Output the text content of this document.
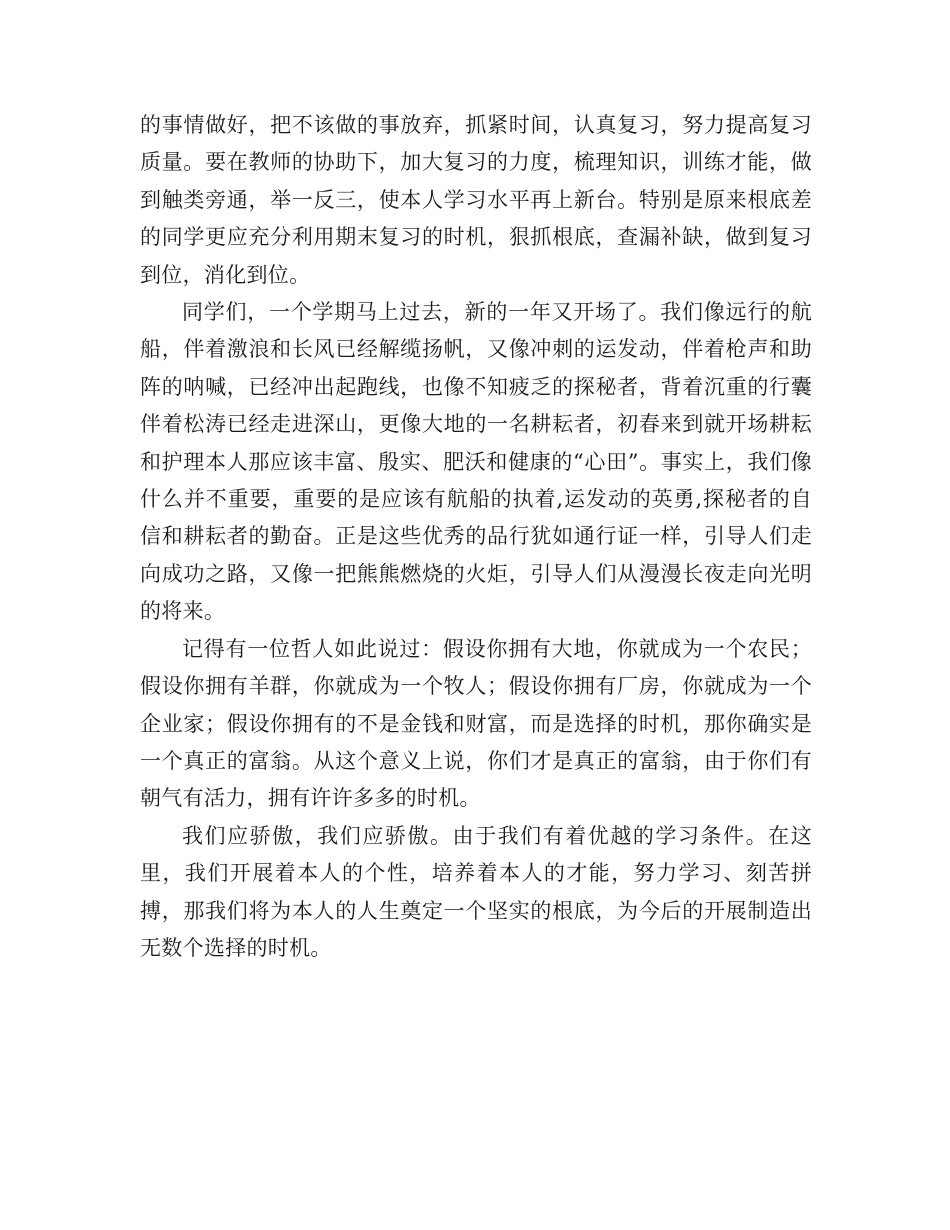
的事情做好，把不该做的事放弃，抓紧时间，认真复习，努力提高复习质量。要在教师的协助下，加大复习的力度，梳理知识，训练才能，做到触类旁通，举一反三，使本人学习水平再上新台。特别是原来根底差的同学更应充分利用期末复习的时机，狠抓根底，查漏补缺，做到复习到位，消化到位。

同学们，一个学期马上过去，新的一年又开场了。我们像远行的航船，伴着激浪和长风已经解缆扬帆，又像冲刺的运发动，伴着枪声和助阵的呐喊，已经冲出起跑线，也像不知疲乏的探秘者，背着沉重的行囊伴着松涛已经走进深山，更像大地的一名耕耘者，初春来到就开场耕耘和护理本人那应该丰富、殷实、肥沃和健康的“心田”。事实上，我们像什么并不重要，重要的是应该有航船的执着,运发动的英勇,探秘者的自信和耕耘者的勤奋。正是这些优秀的品行犹如通行证一样，引导人们走向成功之路，又像一把熊熊燃烧的火炬，引导人们从漫漫长夜走向光明的将来。

记得有一位哲人如此说过：假设你拥有大地，你就成为一个农民；假设你拥有羊群，你就成为一个牧人；假设你拥有厂房，你就成为一个企业家；假设你拥有的不是金钱和财富，而是选择的时机，那你确实是一个真正的富翁。从这个意义上说，你们才是真正的富翁，由于你们有朝气有活力，拥有许许多多的时机。

我们应骄傲，我们应骄傲。由于我们有着优越的学习条件。在这里，我们开展着本人的个性，培养着本人的才能，努力学习、刻苦拼搏，那我们将为本人的人生奠定一个坚实的根底，为今后的开展制造出无数个选择的时机。
